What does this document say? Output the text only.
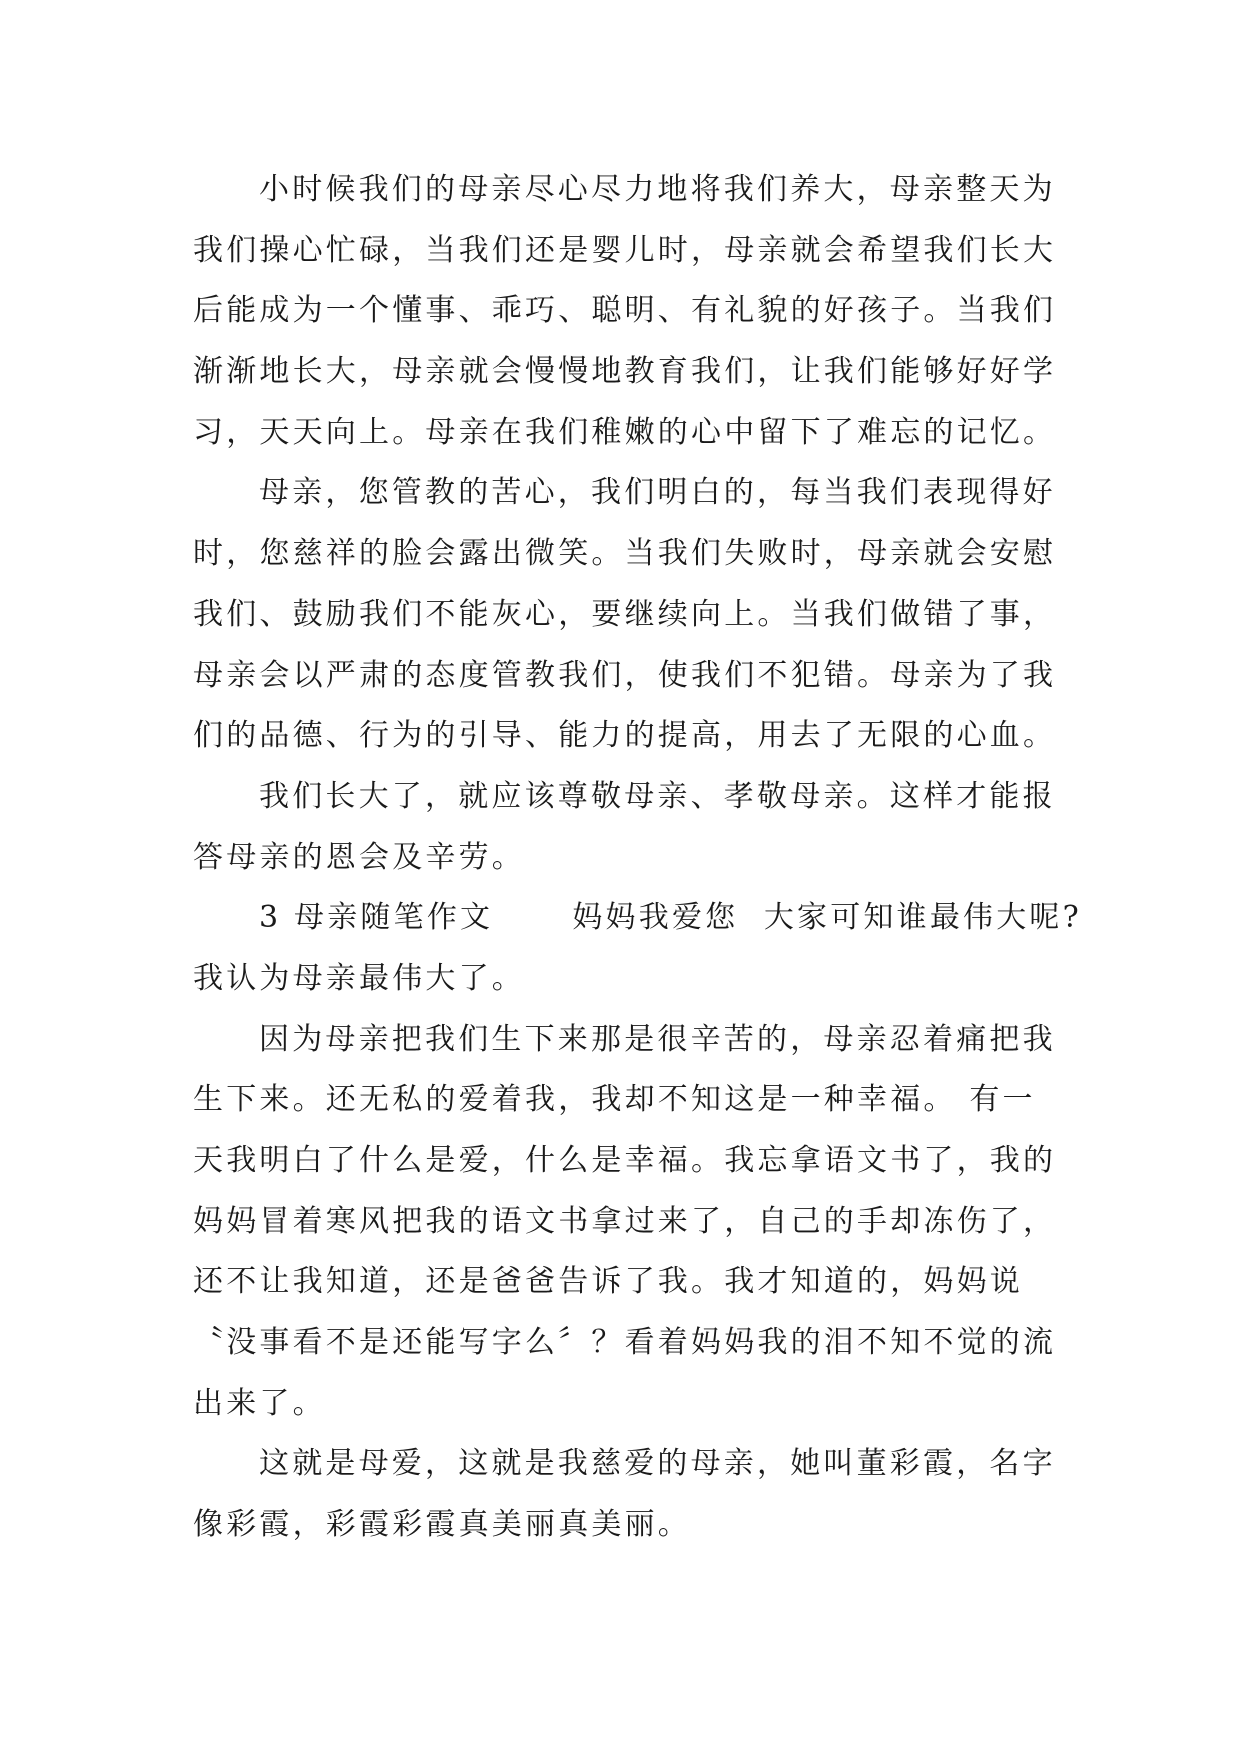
小时候我们的母亲尽心尽力地将我们养大，母亲整天为
我们操心忙碌，当我们还是婴儿时，母亲就会希望我们长大
后能成为一个懂事、乖巧、聪明、有礼貌的好孩子。当我们
渐渐地长大，母亲就会慢慢地教育我们，让我们能够好好学
习，天天向上。母亲在我们稚嫩的心中留下了难忘的记忆。
母亲，您管教的苦心，我们明白的，每当我们表现得好
时，您慈祥的脸会露出微笑。当我们失败时，母亲就会安慰
我们、鼓励我们不能灰心，要继续向上。当我们做错了事，
母亲会以严肃的态度管教我们，使我们不犯错。母亲为了我
们的品德、行为的引导、能力的提高，用去了无限的心血。
我们长大了，就应该尊敬母亲、孝敬母亲。这样才能报
答母亲的恩会及辛劳。
3 母亲随笔作文　　 妈妈我爱您  大家可知谁最伟大呢?
我认为母亲最伟大了。
因为母亲把我们生下来那是很辛苦的，母亲忍着痛把我
生下来。还无私的爱着我，我却不知这是一种幸福。 有一
天我明白了什么是爱，什么是幸福。我忘拿语文书了，我的
妈妈冒着寒风把我的语文书拿过来了，自己的手却冻伤了，
还不让我知道，还是爸爸告诉了我。我才知道的，妈妈说
〝没事看不是还能写字么〞？看着妈妈我的泪不知不觉的流
出来了。
这就是母爱，这就是我慈爱的母亲，她叫董彩霞，名字
像彩霞，彩霞彩霞真美丽真美丽。
